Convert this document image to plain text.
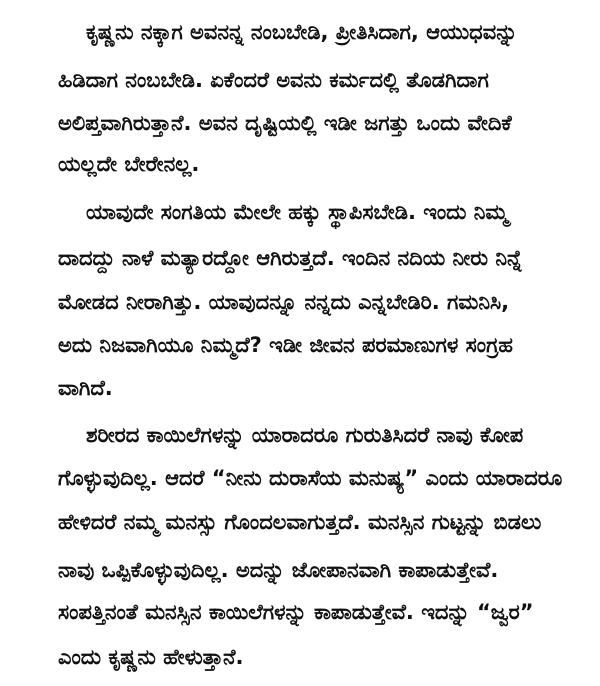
ಕೃಷ್ಣನು ನಕ್ಕಾಗ ಅವನನ್ನ ನಂಬಬೇಡಿ, ಪ್ರೀತಿಸಿದಾಗ, ಆಯುಧವನ್ನು
ಹಿಡಿದಾಗ ನಂಬಬೇಡಿ. ಏಕೆಂದರೆ ಅವನು ಕರ್ಮದಲ್ಲಿ ತೊಡಗಿದಾಗ
ಅಲಿಪ್ತವಾಗಿರುತ್ತಾನೆ. ಅವನ ದೃಷ್ಟಿಯಲ್ಲಿ ಇಡೀ ಜಗತ್ತು ಒಂದು ವೇದಿಕೆ
ಯಲ್ಲದೇ ಬೇರೇನಲ್ಲ.
ಯಾವುದೇ ಸಂಗತಿಯ ಮೇಲೇ ಹಕ್ಕು ಸ್ಥಾಪಿಸಬೇಡಿ. ಇಂದು ನಿಮ್ಮ
ದಾದದ್ದು ನಾಳೆ ಮತ್ಯಾರದ್ದೋ ಆಗಿರುತ್ತದೆ. ಇಂದಿನ ನದಿಯ ನೀರು ನಿನ್ನೆ
ಮೋಡದ ನೀರಾಗಿತ್ತು. ಯಾವುದನ್ನೂ ನನ್ನದು ಎನ್ನಬೇಡಿರಿ. ಗಮನಿಸಿ,
ಅದು ನಿಜವಾಗಿಯೂ ನಿಮ್ಮದೆ? ಇಡೀ ಜೀವನ ಪರಮಾಣುಗಳ ಸಂಗ್ರಹ
ವಾಗಿದೆ.
ಶರೀರದ ಕಾಯಿಲೆಗಳನ್ನು ಯಾರಾದರೂ ಗುರುತಿಸಿದರೆ ನಾವು ಕೋಪ
ಗೊಳ್ಳುವುದಿಲ್ಲ. ಆದರೆ “ನೀನು ದುರಾಸೆಯ ಮನುಷ್ಯ” ಎಂದು ಯಾರಾದರೂ
ಹೇಳಿದರೆ ನಮ್ಮ ಮನಸ್ಸು ಗೊಂದಲವಾಗುತ್ತದೆ. ಮನಸ್ಸಿನ ಗುಟ್ಟನ್ನು ಬಿಡಲು
ನಾವು ಒಪ್ಪಿಕೊಳ್ಳುವುದಿಲ್ಲ. ಅದನ್ನು ಜೋಪಾನವಾಗಿ ಕಾಪಾಡುತ್ತೇವೆ.
ಸಂಪತ್ತಿನಂತೆ ಮನಸ್ಸಿನ ಕಾಯಿಲೆಗಳನ್ನು ಕಾಪಾಡುತ್ತೇವೆ. ಇದನ್ನು “ಜ್ವರ”
ಎಂದು ಕೃಷ್ಣನು ಹೇಳುತ್ತಾನೆ.
